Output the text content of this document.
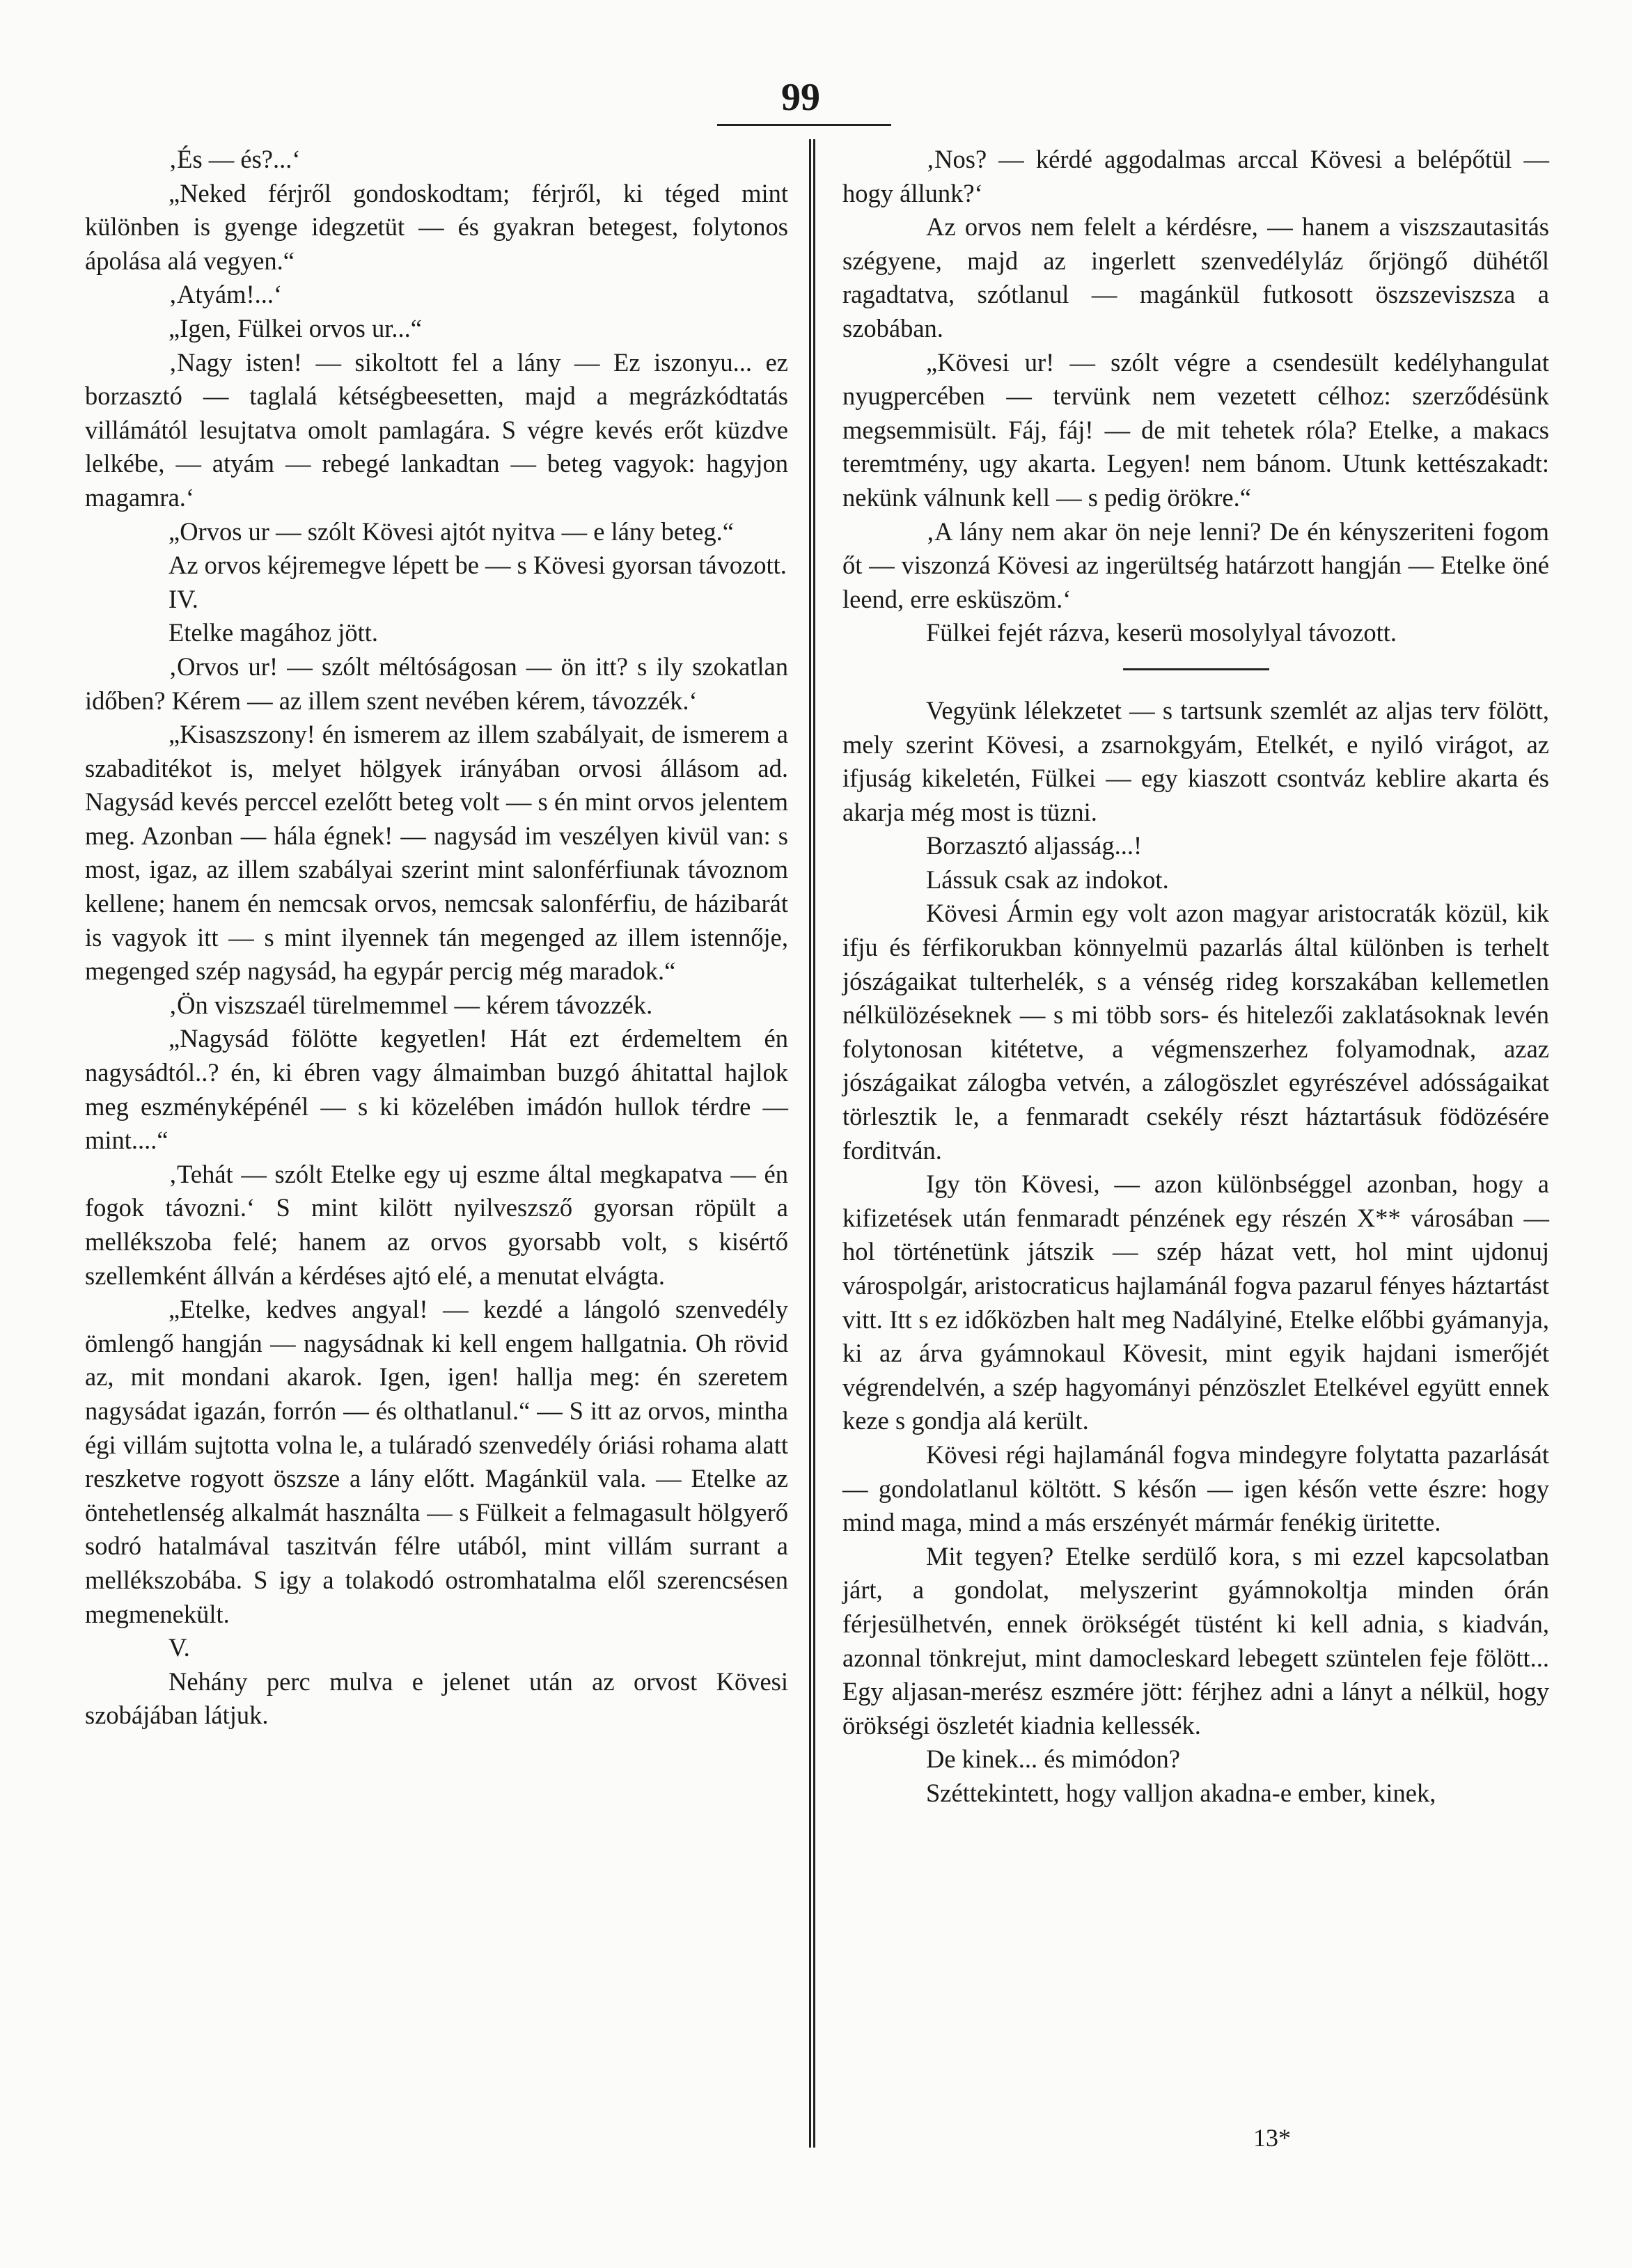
99

‚És — és?...‘

„Neked férjről gondoskodtam; férjről, ki téged mint különben is gyenge idegzetüt — és gyakran betegest, folytonos ápolása alá vegyen.“

‚Atyám!...‘

„Igen, Fülkei orvos ur...“

‚Nagy isten! — sikoltott fel a lány — Ez iszonyu... ez borzasztó — taglalá kétségbeesetten, majd a megrázkódtatás villámától lesujtatva omolt pamlagára. S végre kevés erőt küzdve lelkébe, — atyám — rebegé lankadtan — beteg vagyok: hagyjon magamra.‘

„Orvos ur — szólt Kövesi ajtót nyitva — e lány beteg.“

Az orvos kéjremegve lépett be — s Kövesi gyorsan távozott.

IV.

Etelke magához jött.

‚Orvos ur! — szólt méltóságosan — ön itt? s ily szokatlan időben? Kérem — az illem szent nevében kérem, távozzék.‘

„Kisaszszony! én ismerem az illem szabályait, de ismerem a szabaditékot is, melyet hölgyek irányában orvosi állásom ad. Nagysád kevés perccel ezelőtt beteg volt — s én mint orvos jelentem meg. Azonban — hála égnek! — nagysád im veszélyen kivül van: s most, igaz, az illem szabályai szerint mint salonférfiunak távoznom kellene; hanem én nemcsak orvos, nemcsak salonférfiu, de házibarát is vagyok itt — s mint ilyennek tán megenged az illem istennője, megenged szép nagysád, ha egypár percig még maradok.“

‚Ön viszszaél türelmemmel — kérem távozzék.

„Nagysád fölötte kegyetlen! Hát ezt érdemeltem én nagysádtól..? én, ki ébren vagy álmaimban buzgó áhitattal hajlok meg eszményképénél — s ki közelében imádón hullok térdre — mint....“

‚Tehát — szólt Etelke egy uj eszme által megkapatva — én fogok távozni.‘ S mint kilött nyilveszsző gyorsan röpült a mellékszoba felé; hanem az orvos gyorsabb volt, s kisértő szellemként állván a kérdéses ajtó elé, a menutat elvágta.

„Etelke, kedves angyal! — kezdé a lángoló szenvedély ömlengő hangján — nagysádnak ki kell engem hallgatnia. Oh rövid az, mit mondani akarok. Igen, igen! hallja meg: én szeretem nagysádat igazán, forrón — és olthatlanul.“ — S itt az orvos, mintha égi villám sujtotta volna le, a tuláradó szenvedély óriási rohama alatt reszketve rogyott öszsze a lány előtt. Magánkül vala. — Etelke az öntehetlenség alkalmát használta — s Fülkeit a felmagasult hölgyerő sodró hatalmával taszitván félre utából, mint villám surrant a mellékszobába. S igy a tolakodó ostromhatalma elől szerencsésen megmenekült.

V.

Nehány perc mulva e jelenet után az orvost Kövesi szobájában látjuk.

‚Nos? — kérdé aggodalmas arccal Kövesi a belépőtül — hogy állunk?‘

Az orvos nem felelt a kérdésre, — hanem a viszszautasitás szégyene, majd az ingerlett szenvedélyláz őrjöngő dühétől ragadtatva, szótlanul — magánkül futkosott öszszeviszsza a szobában.

„Kövesi ur! — szólt végre a csendesült kedélyhangulat nyugpercében — tervünk nem vezetett célhoz: szerződésünk megsemmisült. Fáj, fáj! — de mit tehetek róla? Etelke, a makacs teremtmény, ugy akarta. Legyen! nem bánom. Utunk kettészakadt: nekünk válnunk kell — s pedig örökre.“

‚A lány nem akar ön neje lenni? De én kényszeriteni fogom őt — viszonzá Kövesi az ingerültség határzott hangján — Etelke öné leend, erre esküszöm.‘

Fülkei fejét rázva, keserü mosolylyal távozott.

Vegyünk lélekzetet — s tartsunk szemlét az aljas terv fölött, mely szerint Kövesi, a zsarnokgyám, Etelkét, e nyiló virágot, az ifjuság kikeletén, Fülkei — egy kiaszott csontváz keblire akarta és akarja még most is tüzni.

Borzasztó aljasság...!

Lássuk csak az indokot.

Kövesi Ármin egy volt azon magyar aristocraták közül, kik ifju és férfikorukban könnyelmü pazarlás által különben is terhelt jószágaikat tulterhelék, s a vénség rideg korszakában kellemetlen nélkülözéseknek — s mi több sors- és hitelezői zaklatásoknak levén folytonosan kitétetve, a végmenszerhez folyamodnak, azaz jószágaikat zálogba vetvén, a zálogöszlet egyrészével adósságaikat törlesztik le, a fenmaradt csekély részt háztartásuk födözésére forditván.

Igy tön Kövesi, — azon különbséggel azonban, hogy a kifizetések után fenmaradt pénzének egy részén X** városában — hol történetünk játszik — szép házat vett, hol mint ujdonuj várospolgár, aristocraticus hajlamánál fogva pazarul fényes háztartást vitt. Itt s ez időközben halt meg Nadályiné, Etelke előbbi gyámanyja, ki az árva gyámnokaul Kövesit, mint egyik hajdani ismerőjét végrendelvén, a szép hagyományi pénzöszlet Etelkével együtt ennek keze s gondja alá került.

Kövesi régi hajlamánál fogva mindegyre folytatta pazarlását — gondolatlanul költött. S későn — igen későn vette észre: hogy mind maga, mind a más erszényét mármár fenékig üritette.

Mit tegyen? Etelke serdülő kora, s mi ezzel kapcsolatban járt, a gondolat, melyszerint gyámnokoltja minden órán férjesülhetvén, ennek örökségét tüstént ki kell adnia, s kiadván, azonnal tönkrejut, mint damocleskard lebegett szüntelen feje fölött... Egy aljasan-merész eszmére jött: férjhez adni a lányt a nélkül, hogy örökségi öszletét kiadnia kellessék.

De kinek... és mimódon?

Széttekintett, hogy valljon akadna-e ember, kinek,

13*
